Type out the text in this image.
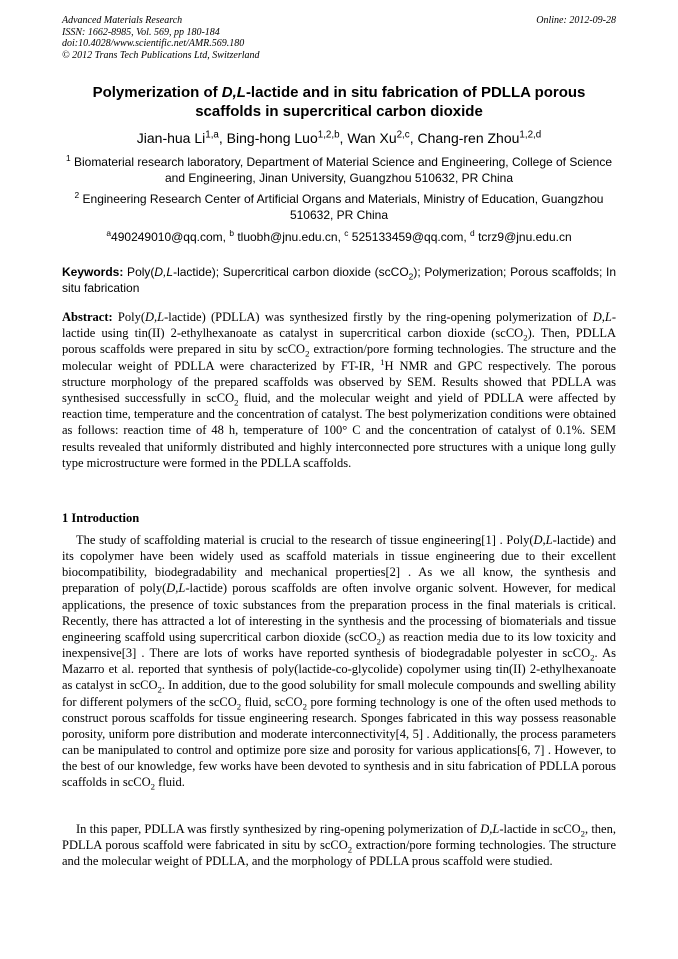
Advanced Materials Research
ISSN: 1662-8985, Vol. 569, pp 180-184
doi:10.4028/www.scientific.net/AMR.569.180
© 2012 Trans Tech Publications Ltd, Switzerland
Online: 2012-09-28
Polymerization of D,L-lactide and in situ fabrication of PDLLA porous scaffolds in supercritical carbon dioxide
Jian-hua Li$^{1,a}$, Bing-hong Luo$^{1,2,b}$, Wan Xu$^{2,c}$, Chang-ren Zhou$^{1,2,d}$
$^1$ Biomaterial research laboratory, Department of Material Science and Engineering, College of Science and Engineering, Jinan University, Guangzhou 510632, PR China
$^2$ Engineering Research Center of Artificial Organs and Materials, Ministry of Education, Guangzhou 510632, PR China
$^a$490249010@qq.com, $^b$ tluobh@jnu.edu.cn, $^c$ 525133459@qq.com, $^d$ tcrz9@jnu.edu.cn
Keywords: Poly(D,L-lactide); Supercritical carbon dioxide (scCO$_2$); Polymerization; Porous scaffolds; In situ fabrication
Abstract: Poly(D,L-lactide) (PDLLA) was synthesized firstly by the ring-opening polymerization of D,L-lactide using tin(II) 2-ethylhexanoate as catalyst in supercritical carbon dioxide (scCO$_2$). Then, PDLLA porous scaffolds were prepared in situ by scCO$_2$ extraction/pore forming technologies. The structure and the molecular weight of PDLLA were characterized by FT-IR, $^1$H NMR and GPC respectively. The porous structure morphology of the prepared scaffolds was observed by SEM. Results showed that PDLLA was synthesised successfully in scCO$_2$ fluid, and the molecular weight and yield of PDLLA were affected by reaction time, temperature and the concentration of catalyst. The best polymerization conditions were obtained as follows: reaction time of 48 h, temperature of 100° C and the concentration of catalyst of 0.1%. SEM results revealed that uniformly distributed and highly interconnected pore structures with a unique long gully type microstructure were formed in the PDLLA scaffolds.
1 Introduction
The study of scaffolding material is crucial to the research of tissue engineering[1] . Poly(D,L-lactide) and its copolymer have been widely used as scaffold materials in tissue engineering due to their excellent biocompatibility, biodegradability and mechanical properties[2] . As we all know, the synthesis and preparation of poly(D,L-lactide) porous scaffolds are often involve organic solvent. However, for medical applications, the presence of toxic substances from the preparation process in the final materials is critical. Recently, there has attracted a lot of interesting in the synthesis and the processing of biomaterials and tissue engineering scaffold using supercritical carbon dioxide (scCO$_2$) as reaction media due to its low toxicity and inexpensive[3] . There are lots of works have reported synthesis of biodegradable polyester in scCO$_2$. As Mazarro et al. reported that synthesis of poly(lactide-co-glycolide) copolymer using tin(II) 2-ethylhexanoate as catalyst in scCO$_2$. In addition, due to the good solubility for small molecule compounds and swelling ability for different polymers of the scCO$_2$ fluid, scCO$_2$ pore forming technology is one of the often used methods to construct porous scaffolds for tissue engineering research. Sponges fabricated in this way possess reasonable porosity, uniform pore distribution and moderate interconnectivity[4, 5] . Additionally, the process parameters can be manipulated to control and optimize pore size and porosity for various applications[6, 7] . However, to the best of our knowledge, few works have been devoted to synthesis and in situ fabrication of PDLLA porous scaffolds in scCO$_2$ fluid.
In this paper, PDLLA was firstly synthesized by ring-opening polymerization of D,L-lactide in scCO$_2$, then, PDLLA porous scaffold were fabricated in situ by scCO$_2$ extraction/pore forming technologies. The structure and the molecular weight of PDLLA, and the morphology of PDLLA prous scaffold were studied.
